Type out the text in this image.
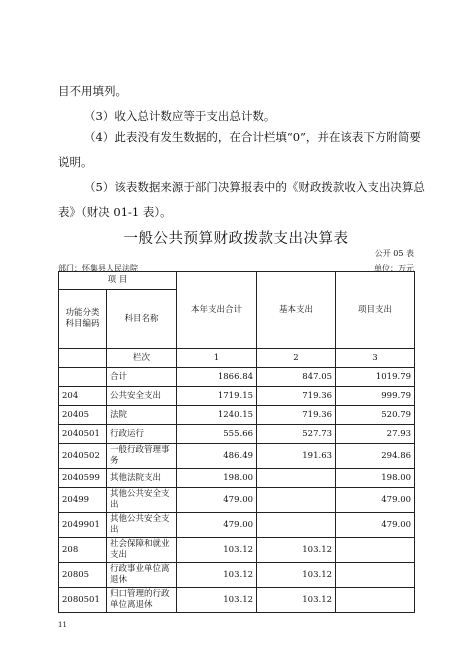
目不用填列。
（3）收入总计数应等于支出总计数。
（4）此表没有发生数据的，在合计栏填“0”，并在该表下方附简要
说明。
（5）该表数据来源于部门决算报表中的《财政拨款收入支出决算总
表》（财决 01-1 表）。
一般公共预算财政拨款支出决算表
公开 05 表
部门：怀集县人民法院	单位：万元
项 目		本年支出合计	基本支出	项目支出
功能分类科目编码	科目名称			
	栏次	1	2	3
	合计	1866.84	847.05	1019.79
204	公共安全支出	1719.15	719.36	999.79
20405	法院	1240.15	719.36	520.79
2040501	行政运行	555.66	527.73	27.93
2040502	一般行政管理事务	486.49	191.63	294.86
2040599	其他法院支出	198.00		198.00
20499	其他公共安全支出	479.00		479.00
2049901	其他公共安全支出	479.00		479.00
208	社会保障和就业支出	103.12	103.12	
20805	行政事业单位离退休	103.12	103.12	
2080501	归口管理的行政单位离退休	103.12	103.12	
11
